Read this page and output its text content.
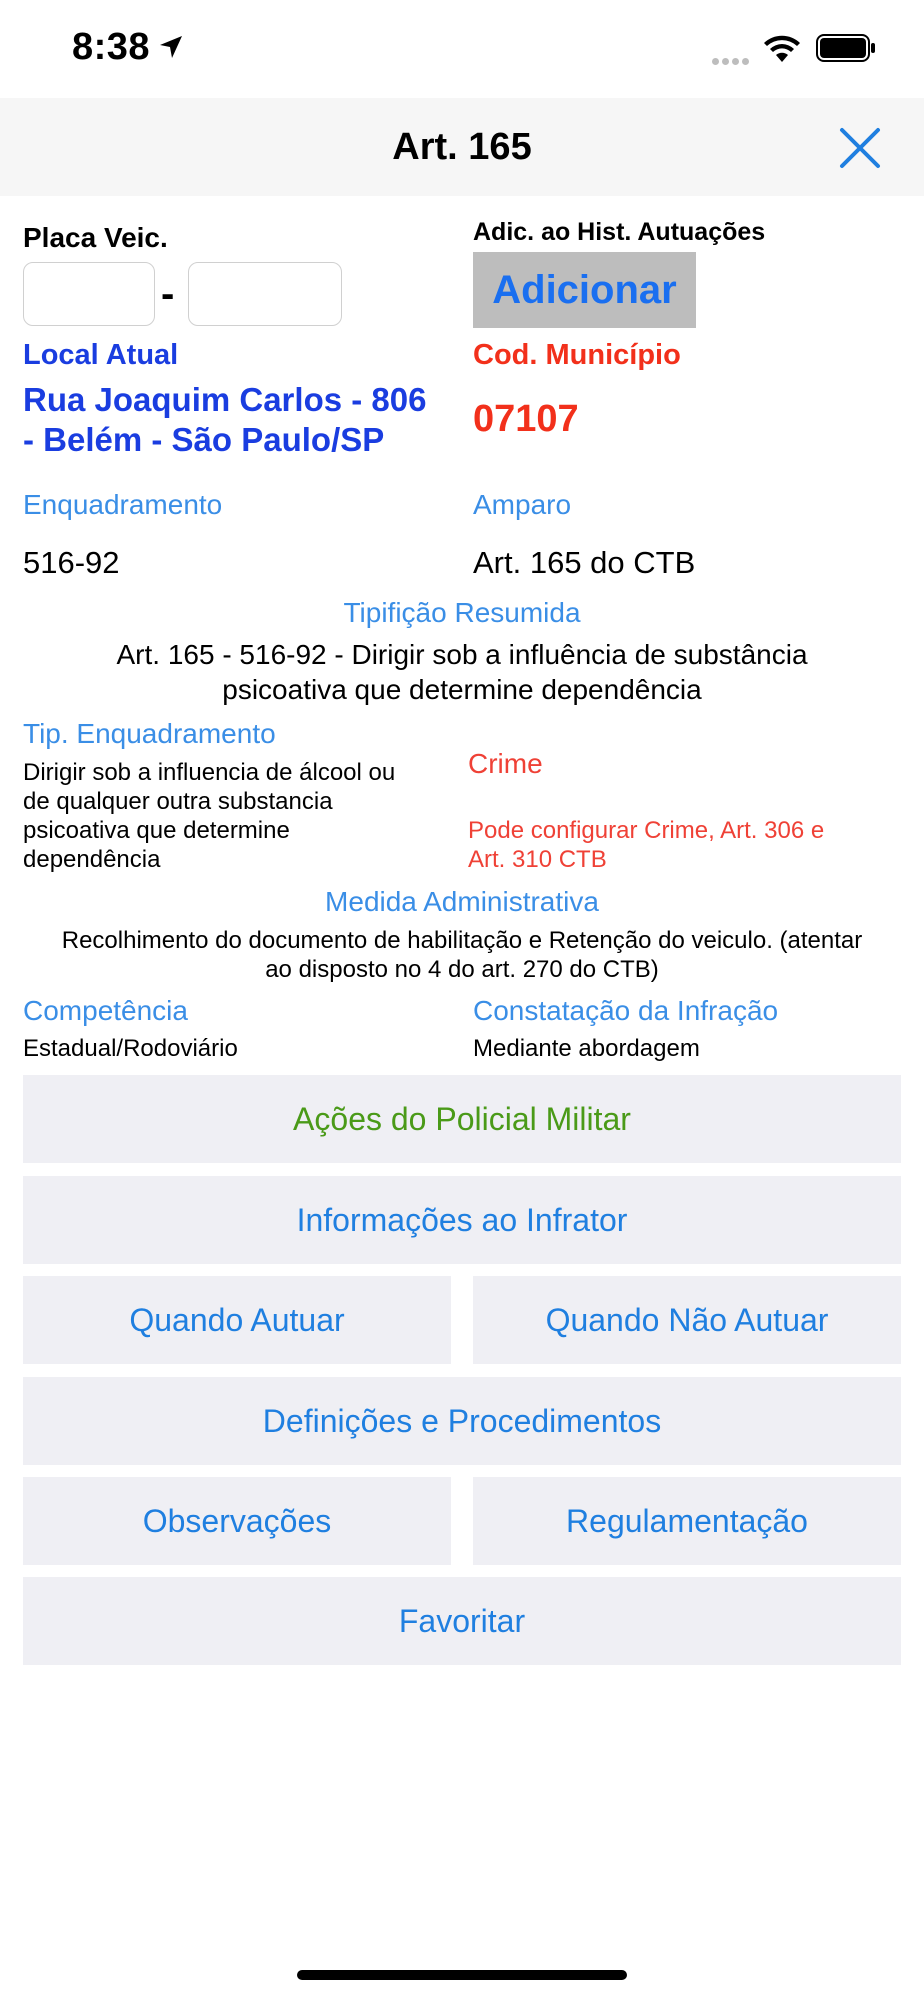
8:38
Art. 165
Placa Veic.
-
Adic. ao Hist. Autuações
Adicionar
Local Atual
Rua Joaquim Carlos - 806
- Belém - São Paulo/SP
Cod. Município
07107
Enquadramento
516-92
Amparo
Art. 165 do CTB
Tipifição Resumida
Art. 165 - 516-92 - Dirigir sob a influência de substância
psicoativa que determine dependência
Tip. Enquadramento
Dirigir sob a influencia de álcool ou
de qualquer outra substancia
psicoativa que determine
dependência
Crime
Pode configurar Crime, Art. 306 e
Art. 310 CTB
Medida Administrativa
Recolhimento do documento de habilitação e Retenção do veiculo. (atentar
ao disposto no 4 do art. 270 do CTB)
Competência
Estadual/Rodoviário
Constatação da Infração
Mediante abordagem
Ações do Policial Militar
Informações ao Infrator
Quando Autuar	Quando Não Autuar
Definições e Procedimentos
Observações	Regulamentação
Favoritar
